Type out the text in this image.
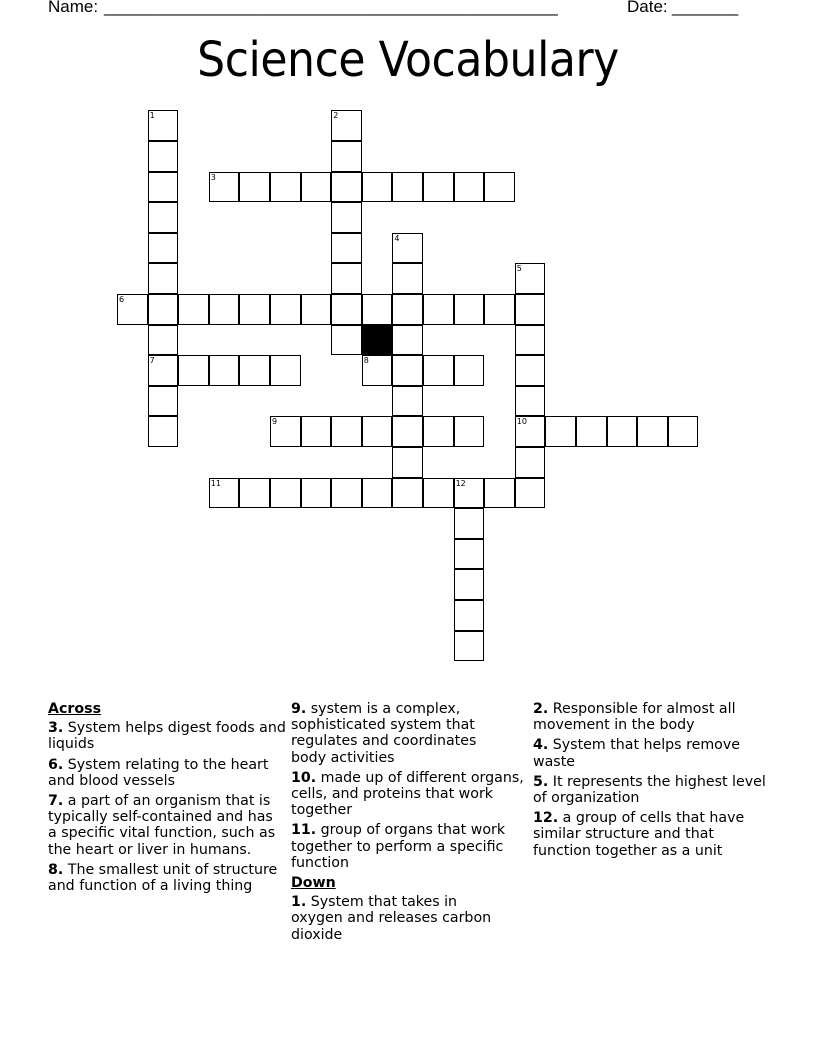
Name: ________________________________________________	Date: _______
Science Vocabulary
1
7
2
3
4
5
10
6
8
9
11	12
Across
3. System helps digest foods and liquids
6. System relating to the heart and blood vessels
7. a part of an organism that is typically self-contained and has a specific vital function, such as the heart or liver in humans.
8. The smallest unit of structure and function of a living thing
9. system is a complex, sophisticated system that regulates and coordinates body activities
10. made up of different organs, cells, and proteins that work together
11. group of organs that work together to perform a specific function
Down
1. System that takes in oxygen and releases carbon dioxide
2. Responsible for almost all movement in the body
4. System that helps remove waste
5. It represents the highest level of organization
12. a group of cells that have similar structure and that function together as a unit
